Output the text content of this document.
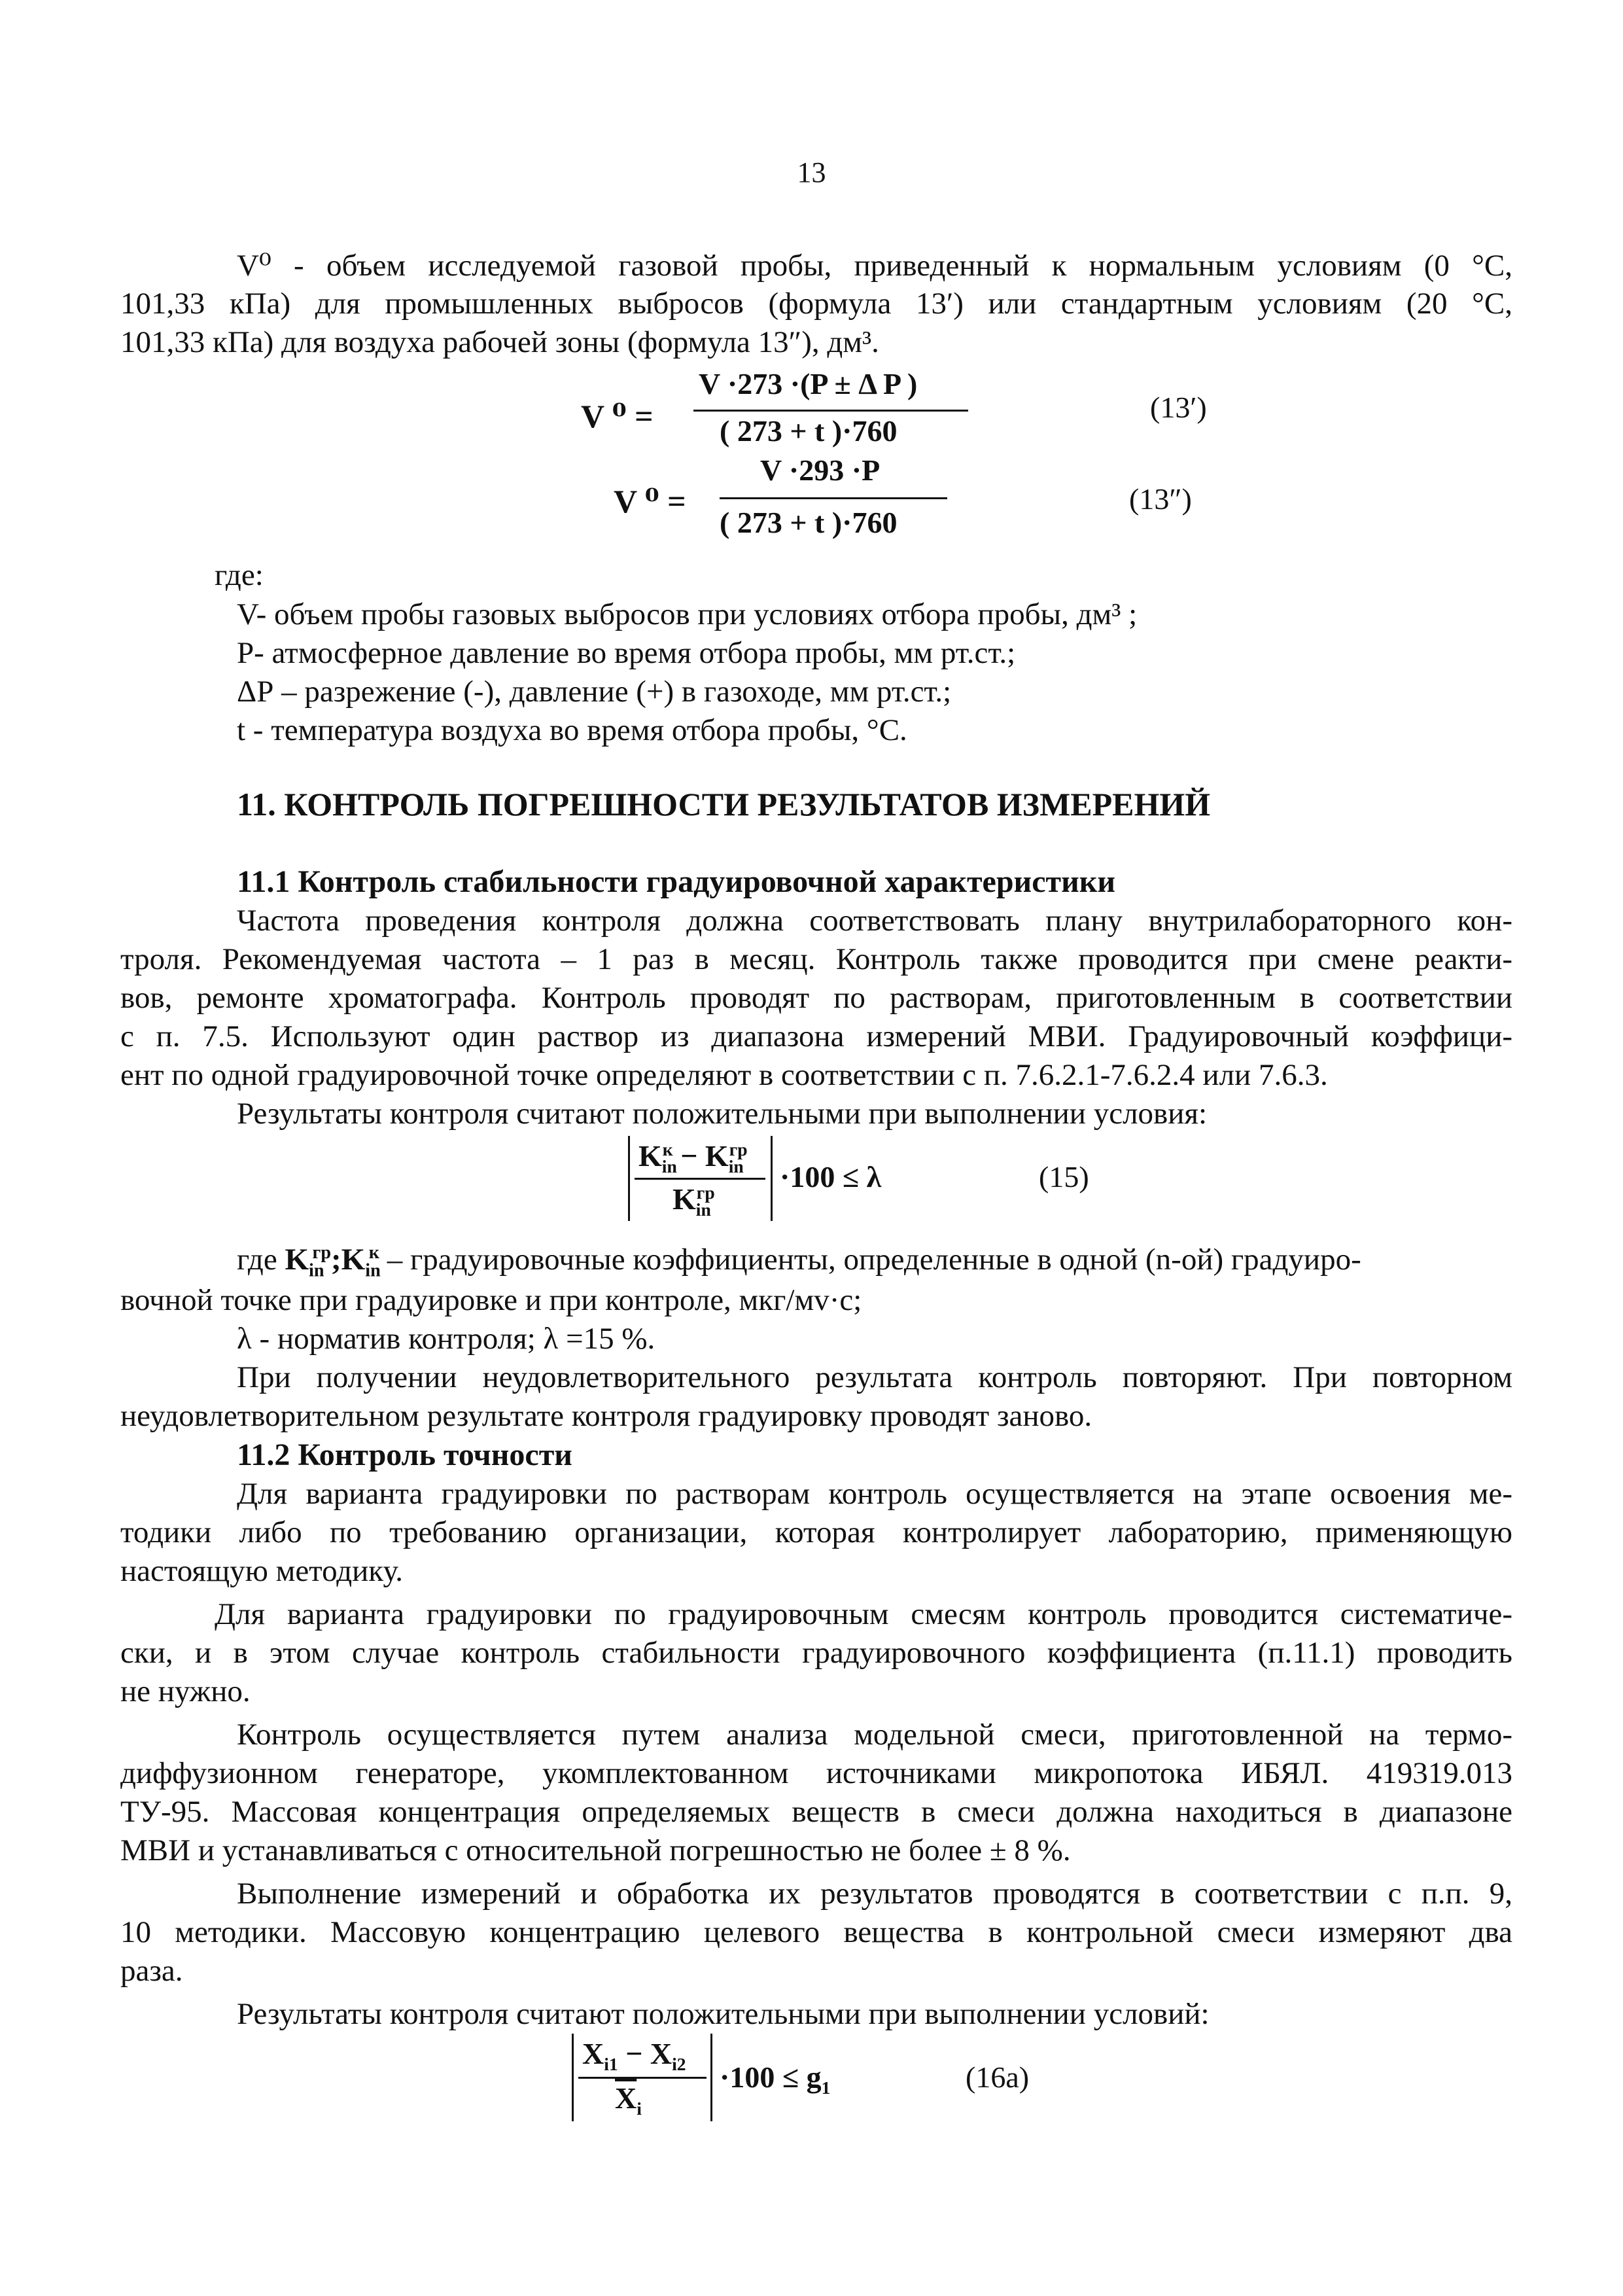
13
V⁰ - объем исследуемой газовой пробы, приведенный к нормальным условиям (0 °С,
101,33 кПа) для промышленных выбросов (формула 13′) или стандартным условиям (20 °С,
101,33 кПа) для воздуха рабочей зоны (формула 13″), дм³.
V ⁰ =
V ·273 ·(P ± Δ P )
( 273 + t )·760
(13′)
V ⁰ =
V ·293 ·P
( 273 + t )·760
(13″)
где:
V- объем пробы газовых выбросов при условиях отбора пробы, дм³ ;
Р- атмосферное давление во время отбора пробы, мм рт.ст.;
ΔР – разрежение (-), давление (+) в газоходе, мм рт.ст.;
t - температура воздуха во время отбора пробы, °С.
11. КОНТРОЛЬ ПОГРЕШНОСТИ РЕЗУЛЬТАТОВ ИЗМЕРЕНИЙ
11.1 Контроль стабильности градуировочной характеристики
Частота проведения контроля должна соответствовать плану внутрилабораторного кон-
троля. Рекомендуемая частота – 1 раз в месяц. Контроль также проводится при смене реакти-
вов, ремонте хроматографа. Контроль проводят по растворам, приготовленным в соответствии
с п. 7.5. Используют один раствор из диапазона измерений МВИ. Градуировочный коэффици-
ент по одной градуировочной точке определяют в соответствии с п. 7.6.2.1-7.6.2.4 или 7.6.3.
Результаты контроля считают положительными при выполнении условия:
$K_{in}^к - K_{in}^{гр}$
$K_{in}^{гр} \cdot 100 \le \lambda$	(15)
где $K_{in}^{гр};K_{in}^к$ – градуировочные коэффициенты, определенные в одной (n-ой) градуиро-
вочной точке при градуировке и при контроле, мкг/мv·с;
λ - норматив контроля; λ =15 %.
При получении неудовлетворительного результата контроль повторяют. При повторном
неудовлетворительном результате контроля градуировку проводят заново.
11.2 Контроль точности
Для варианта градуировки по растворам контроль осуществляется на этапе освоения ме-
тодики либо по требованию организации, которая контролирует лабораторию, применяющую
настоящую методику.
Для варианта градуировки по градуировочным смесям контроль проводится систематиче-
ски, и в этом случае контроль стабильности градуировочного коэффициента (п.11.1) проводить
не нужно.
Контроль осуществляется путем анализа модельной смеси, приготовленной на термо-
диффузионном генераторе, укомплектованном источниками микропотока ИБЯЛ. 419319.013
ТУ-95. Массовая концентрация определяемых веществ в смеси должна находиться в диапазоне
МВИ и устанавливаться с относительной погрешностью не более ± 8 %.
Выполнение измерений и обработка их результатов проводятся в соответствии с п.п. 9,
10 методики. Массовую концентрацию целевого вещества в контрольной смеси измеряют два
раза.
Результаты контроля считают положительными при выполнении условий:
$X_{i1} - X_{i2}$
$\overline{X}_i$
$\cdot 100 \le g_1$	(16а)
